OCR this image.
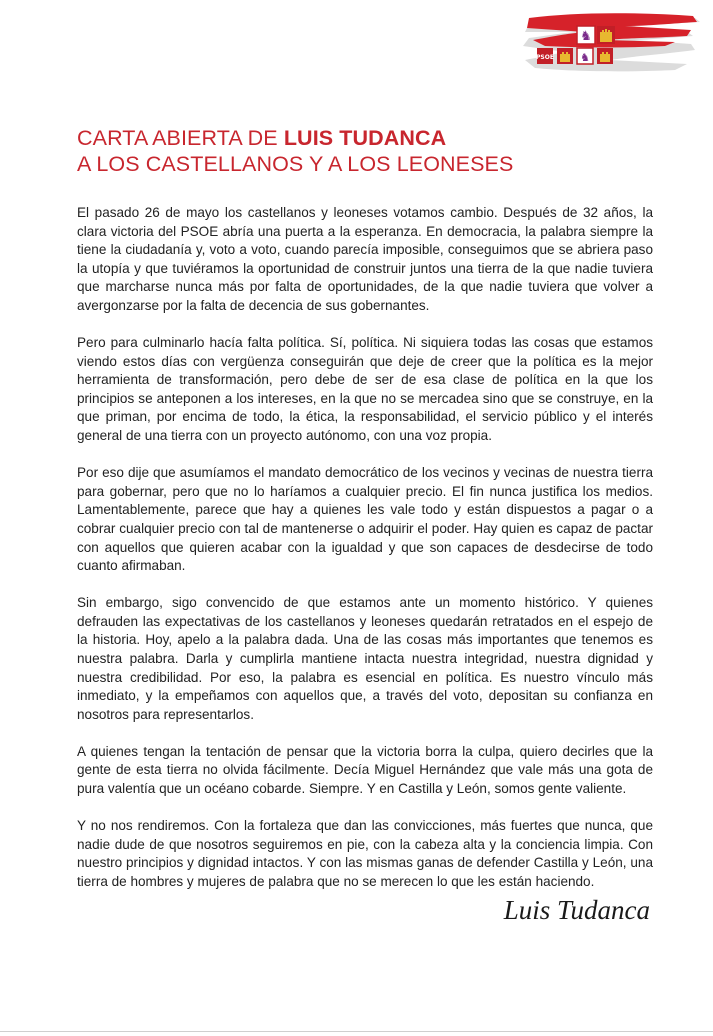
♞
PSOE ♞
CARTA ABIERTA DE LUIS TUDANCA
A LOS CASTELLANOS Y A LOS LEONESES

El pasado 26 de mayo los castellanos y leoneses votamos cambio. Después de 32 años, la clara victoria del PSOE abría una puerta a la esperanza. En democracia, la palabra siempre la tiene la ciudadanía y, voto a voto, cuando parecía imposible, conseguimos que se abriera paso la utopía y que tuviéramos la oportunidad de construir juntos una tierra de la que nadie tuviera que marcharse nunca más por falta de oportunidades, de la que nadie tuviera que volver a avergonzarse por la falta de decencia de sus gobernantes.

Pero para culminarlo hacía falta política. Sí, política. Ni siquiera todas las cosas que estamos viendo estos días con vergüenza conseguirán que deje de creer que la política es la mejor herramienta de transformación, pero debe de ser de esa clase de política en la que los principios se anteponen a los intereses, en la que no se mercadea sino que se construye, en la que priman, por encima de todo, la ética, la responsabilidad, el servicio público y el interés general de una tierra con un proyecto autónomo, con una voz propia.

Por eso dije que asumíamos el mandato democrático de los vecinos y vecinas de nuestra tierra para gobernar, pero que no lo haríamos a cualquier precio. El fin nunca justifica los medios. Lamentablemente, parece que hay a quienes les vale todo y están dispuestos a pagar o a cobrar cualquier precio con tal de mantenerse o adquirir el poder. Hay quien es capaz de pactar con aquellos que quieren acabar con la igualdad y que son capaces de desdecirse de todo cuanto afirmaban.

Sin embargo, sigo convencido de que estamos ante un momento histórico. Y quienes defrauden las expectativas de los castellanos y leoneses quedarán retratados en el espejo de la historia. Hoy, apelo a la palabra dada. Una de las cosas más importantes que tenemos es nuestra palabra. Darla y cumplirla mantiene intacta nuestra integridad, nuestra dignidad y nuestra credibilidad. Por eso, la palabra es esencial en política. Es nuestro vínculo más inmediato, y la empeñamos con aquellos que, a través del voto, depositan su confianza en nosotros para representarlos.

A quienes tengan la tentación de pensar que la victoria borra la culpa, quiero decirles que la gente de esta tierra no olvida fácilmente. Decía Miguel Hernández que vale más una gota de pura valentía que un océano cobarde. Siempre. Y en Castilla y León, somos gente valiente.

Y no nos rendiremos. Con la fortaleza que dan las convicciones, más fuertes que nunca, que nadie dude de que nosotros seguiremos en pie, con la cabeza alta y la conciencia limpia. Con nuestro principios y dignidad intactos. Y con las mismas ganas de defender Castilla y León, una tierra de hombres y mujeres de palabra que no se merecen lo que les están haciendo.

Luis Tudanca
